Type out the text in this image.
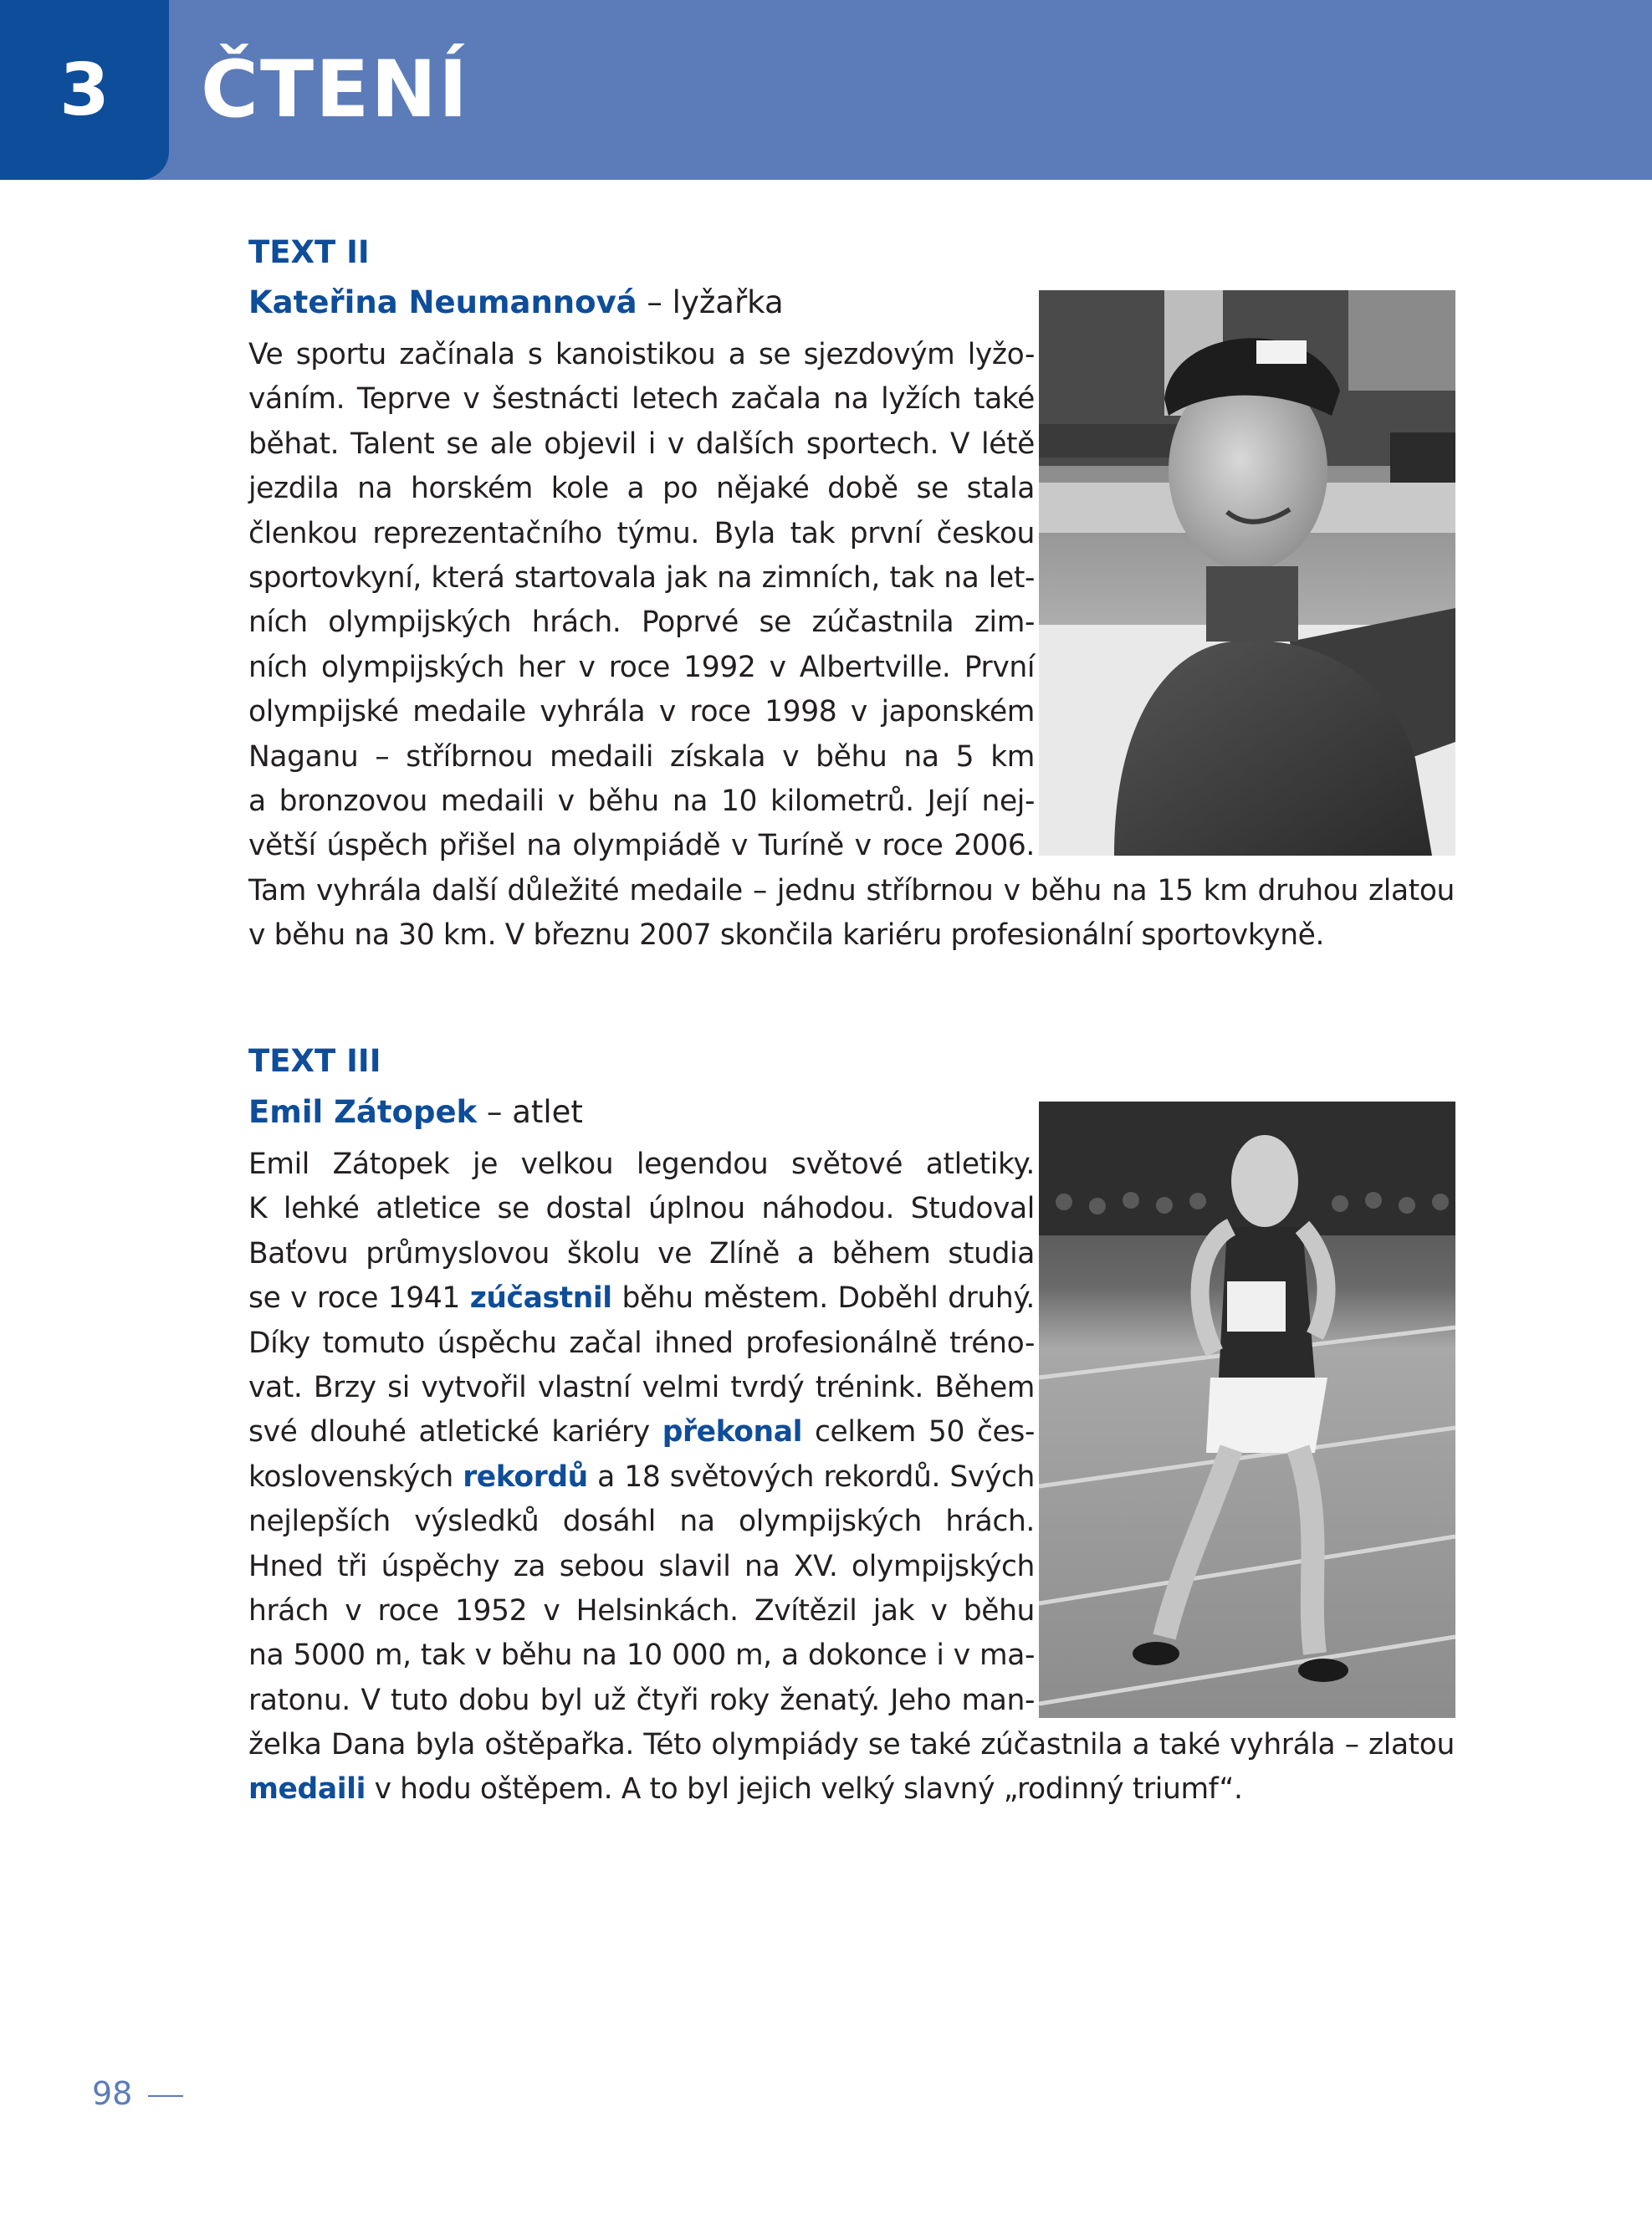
3	ČTENÍ
TEXT II
Kateřina Neumannová – lyžařka
Ve sportu začínala s kanoistikou a se sjezdovým lyžo-
váním. Teprve v šestnácti letech začala na lyžích také
běhat. Talent se ale objevil i v dalších sportech. V létě
jezdila na horském kole a po nějaké době se stala
členkou reprezentačního týmu. Byla tak první českou
sportovkyní, která startovala jak na zimních, tak na let-
ních olympijských hrách. Poprvé se zúčastnila zim-
ních olympijských her v roce 1992 v Albertville. První
olympijské medaile vyhrála v roce 1998 v japonském
Naganu – stříbrnou medaili získala v běhu na 5 km
a bronzovou medaili v běhu na 10 kilometrů. Její nej-
větší úspěch přišel na olympiádě v Turíně v roce 2006.
Tam vyhrála další důležité medaile – jednu stříbrnou v běhu na 15 km druhou zlatou
v běhu na 30 km. V březnu 2007 skončila kariéru profesionální sportovkyně.
TEXT III
Emil Zátopek – atlet
Emil Zátopek je velkou legendou světové atletiky.
K lehké atletice se dostal úplnou náhodou. Studoval
Baťovu průmyslovou školu ve Zlíně a během studia
se v roce 1941 zúčastnil běhu městem. Doběhl druhý.
Díky tomuto úspěchu začal ihned profesionálně tréno-
vat. Brzy si vytvořil vlastní velmi tvrdý trénink. Během
své dlouhé atletické kariéry překonal celkem 50 čes-
koslovenských rekordů a 18 světových rekordů. Svých
nejlepších výsledků dosáhl na olympijských hrách.
Hned tři úspěchy za sebou slavil na XV. olympijských
hrách v roce 1952 v Helsinkách. Zvítězil jak v běhu
na 5000 m, tak v běhu na 10 000 m, a dokonce i v ma-
ratonu. V tuto dobu byl už čtyři roky ženatý. Jeho man-
želka Dana byla oštěpařka. Této olympiády se také zúčastnila a také vyhrála – zlatou
medaili v hodu oštěpem. A to byl jejich velký slavný „rodinný triumf“.
98
